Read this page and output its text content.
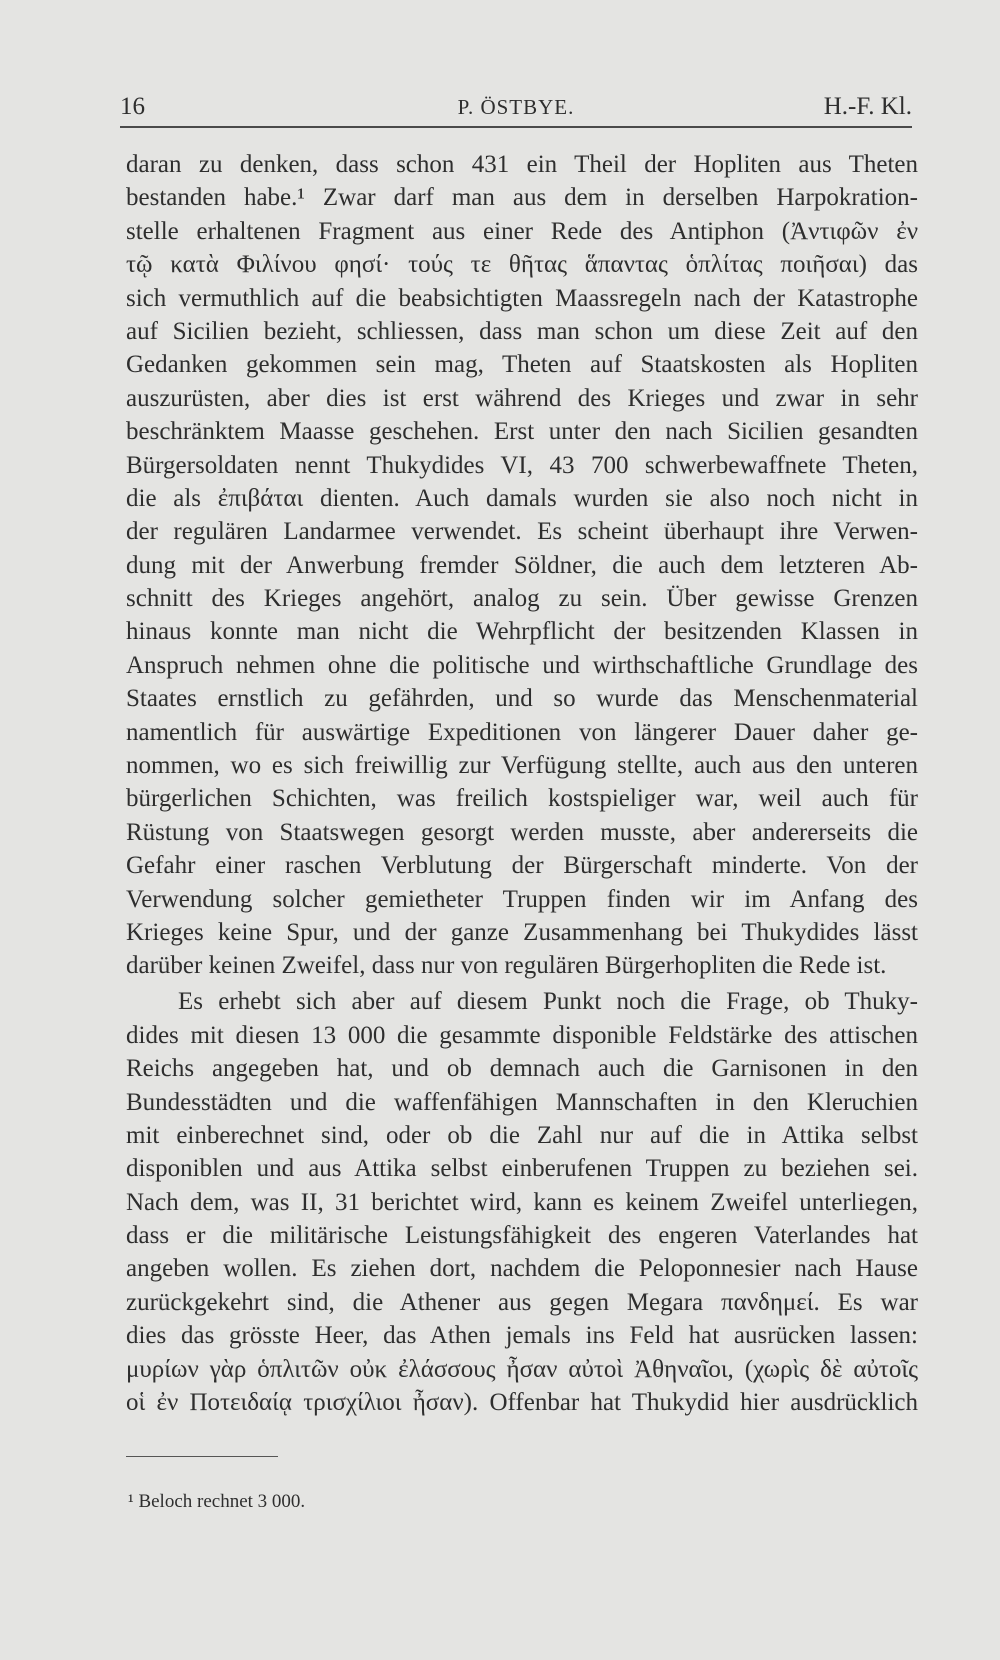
16	P. ÖSTBYE.	H.-F. Kl.
daran zu denken, dass schon 431 ein Theil der Hopliten aus Theten
bestanden habe.¹ Zwar darf man aus dem in derselben Harpokration-
stelle erhaltenen Fragment aus einer Rede des Antiphon (Ἀντιφῶν ἐν
τῷ κατὰ Φιλίνου φησί· τούς τε θῆτας ἅπαντας ὁπλίτας ποιῆσαι) das
sich vermuthlich auf die beabsichtigten Maassregeln nach der Katastrophe
auf Sicilien bezieht, schliessen, dass man schon um diese Zeit auf den
Gedanken gekommen sein mag, Theten auf Staatskosten als Hopliten
auszurüsten, aber dies ist erst während des Krieges und zwar in sehr
beschränktem Maasse geschehen. Erst unter den nach Sicilien gesandten
Bürgersoldaten nennt Thukydides VI, 43 700 schwerbewaffnete Theten,
die als ἐπιβάται dienten. Auch damals wurden sie also noch nicht in
der regulären Landarmee verwendet. Es scheint überhaupt ihre Verwen-
dung mit der Anwerbung fremder Söldner, die auch dem letzteren Ab-
schnitt des Krieges angehört, analog zu sein. Über gewisse Grenzen
hinaus konnte man nicht die Wehrpflicht der besitzenden Klassen in
Anspruch nehmen ohne die politische und wirthschaftliche Grundlage des
Staates ernstlich zu gefährden, und so wurde das Menschenmaterial
namentlich für auswärtige Expeditionen von längerer Dauer daher ge-
nommen, wo es sich freiwillig zur Verfügung stellte, auch aus den unteren
bürgerlichen Schichten, was freilich kostspieliger war, weil auch für
Rüstung von Staatswegen gesorgt werden musste, aber andererseits die
Gefahr einer raschen Verblutung der Bürgerschaft minderte. Von der
Verwendung solcher gemietheter Truppen finden wir im Anfang des
Krieges keine Spur, und der ganze Zusammenhang bei Thukydides lässt
darüber keinen Zweifel, dass nur von regulären Bürgerhopliten die Rede ist.
Es erhebt sich aber auf diesem Punkt noch die Frage, ob Thuky-
dides mit diesen 13 000 die gesammte disponible Feldstärke des attischen
Reichs angegeben hat, und ob demnach auch die Garnisonen in den
Bundesstädten und die waffenfähigen Mannschaften in den Kleruchien
mit einberechnet sind, oder ob die Zahl nur auf die in Attika selbst
disponiblen und aus Attika selbst einberufenen Truppen zu beziehen sei.
Nach dem, was II, 31 berichtet wird, kann es keinem Zweifel unterliegen,
dass er die militärische Leistungsfähigkeit des engeren Vaterlandes hat
angeben wollen. Es ziehen dort, nachdem die Peloponnesier nach Hause
zurückgekehrt sind, die Athener aus gegen Megara πανδημεί. Es war
dies das grösste Heer, das Athen jemals ins Feld hat ausrücken lassen:
μυρίων γὰρ ὁπλιτῶν οὐκ ἐλάσσους ἦσαν αὐτοὶ Ἀθηναῖοι, (χωρὶς δὲ αὐτοῖς
οἱ ἐν Ποτειδαίᾳ τρισχίλιοι ἦσαν). Offenbar hat Thukydid hier ausdrücklich
¹ Beloch rechnet 3 000.
